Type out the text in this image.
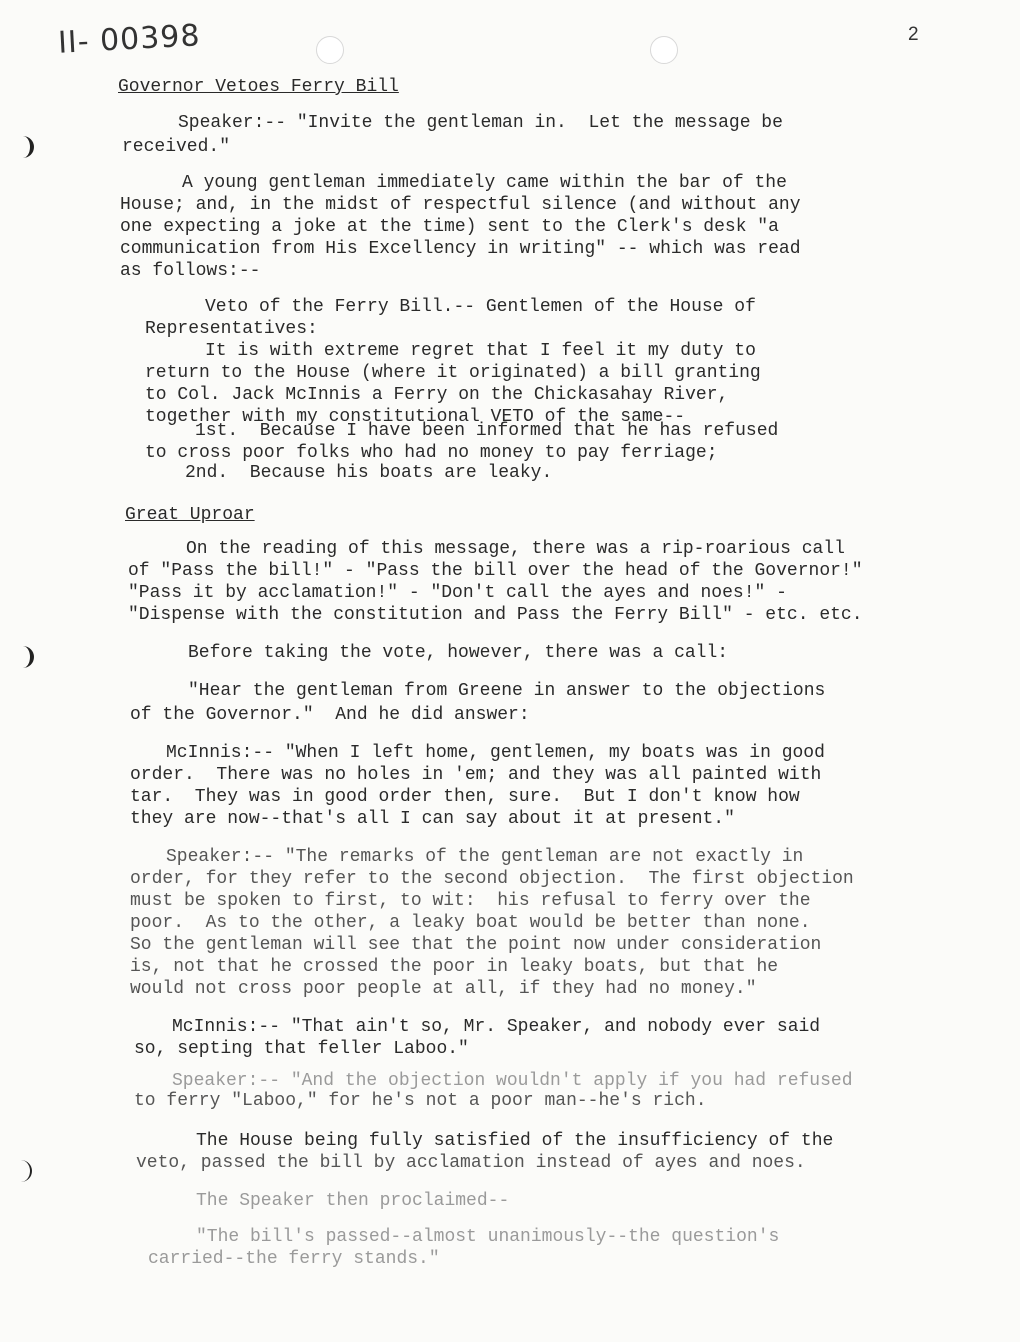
II- 00398	2

Governor Vetoes Ferry Bill

Speaker:-- "Invite the gentleman in.  Let the message be

received."

A young gentleman immediately came within the bar of the

House; and, in the midst of respectful silence (and without any

one expecting a joke at the time) sent to the Clerk's desk "a

communication from His Excellency in writing" -- which was read

as follows:--

Veto of the Ferry Bill.-- Gentlemen of the House of

Representatives:

It is with extreme regret that I feel it my duty to

return to the House (where it originated) a bill granting

to Col. Jack McInnis a Ferry on the Chickasahay River,

together with my constitutional VETO of the same--

1st.  Because I have been informed that he has refused

to cross poor folks who had no money to pay ferriage;

2nd.  Because his boats are leaky.

Great Uproar

On the reading of this message, there was a rip-roarious call

of "Pass the bill!" - "Pass the bill over the head of the Governor!"

"Pass it by acclamation!" - "Don't call the ayes and noes!" -

"Dispense with the constitution and Pass the Ferry Bill" - etc. etc.

Before taking the vote, however, there was a call:

"Hear the gentleman from Greene in answer to the objections

of the Governor."  And he did answer:

McInnis:-- "When I left home, gentlemen, my boats was in good

order.  There was no holes in 'em; and they was all painted with

tar.  They was in good order then, sure.  But I don't know how

they are now--that's all I can say about it at present."

Speaker:-- "The remarks of the gentleman are not exactly in

order, for they refer to the second objection.  The first objection

must be spoken to first, to wit:  his refusal to ferry over the

poor.  As to the other, a leaky boat would be better than none.

So the gentleman will see that the point now under consideration

is, not that he crossed the poor in leaky boats, but that he

would not cross poor people at all, if they had no money."

McInnis:-- "That ain't so, Mr. Speaker, and nobody ever said

so, septing that feller Laboo."

Speaker:-- "And the objection wouldn't apply if you had refused

to ferry "Laboo," for he's not a poor man--he's rich.

The House being fully satisfied of the insufficiency of the

veto, passed the bill by acclamation instead of ayes and noes.

The Speaker then proclaimed--

"The bill's passed--almost unanimously--the question's

carried--the ferry stands."
